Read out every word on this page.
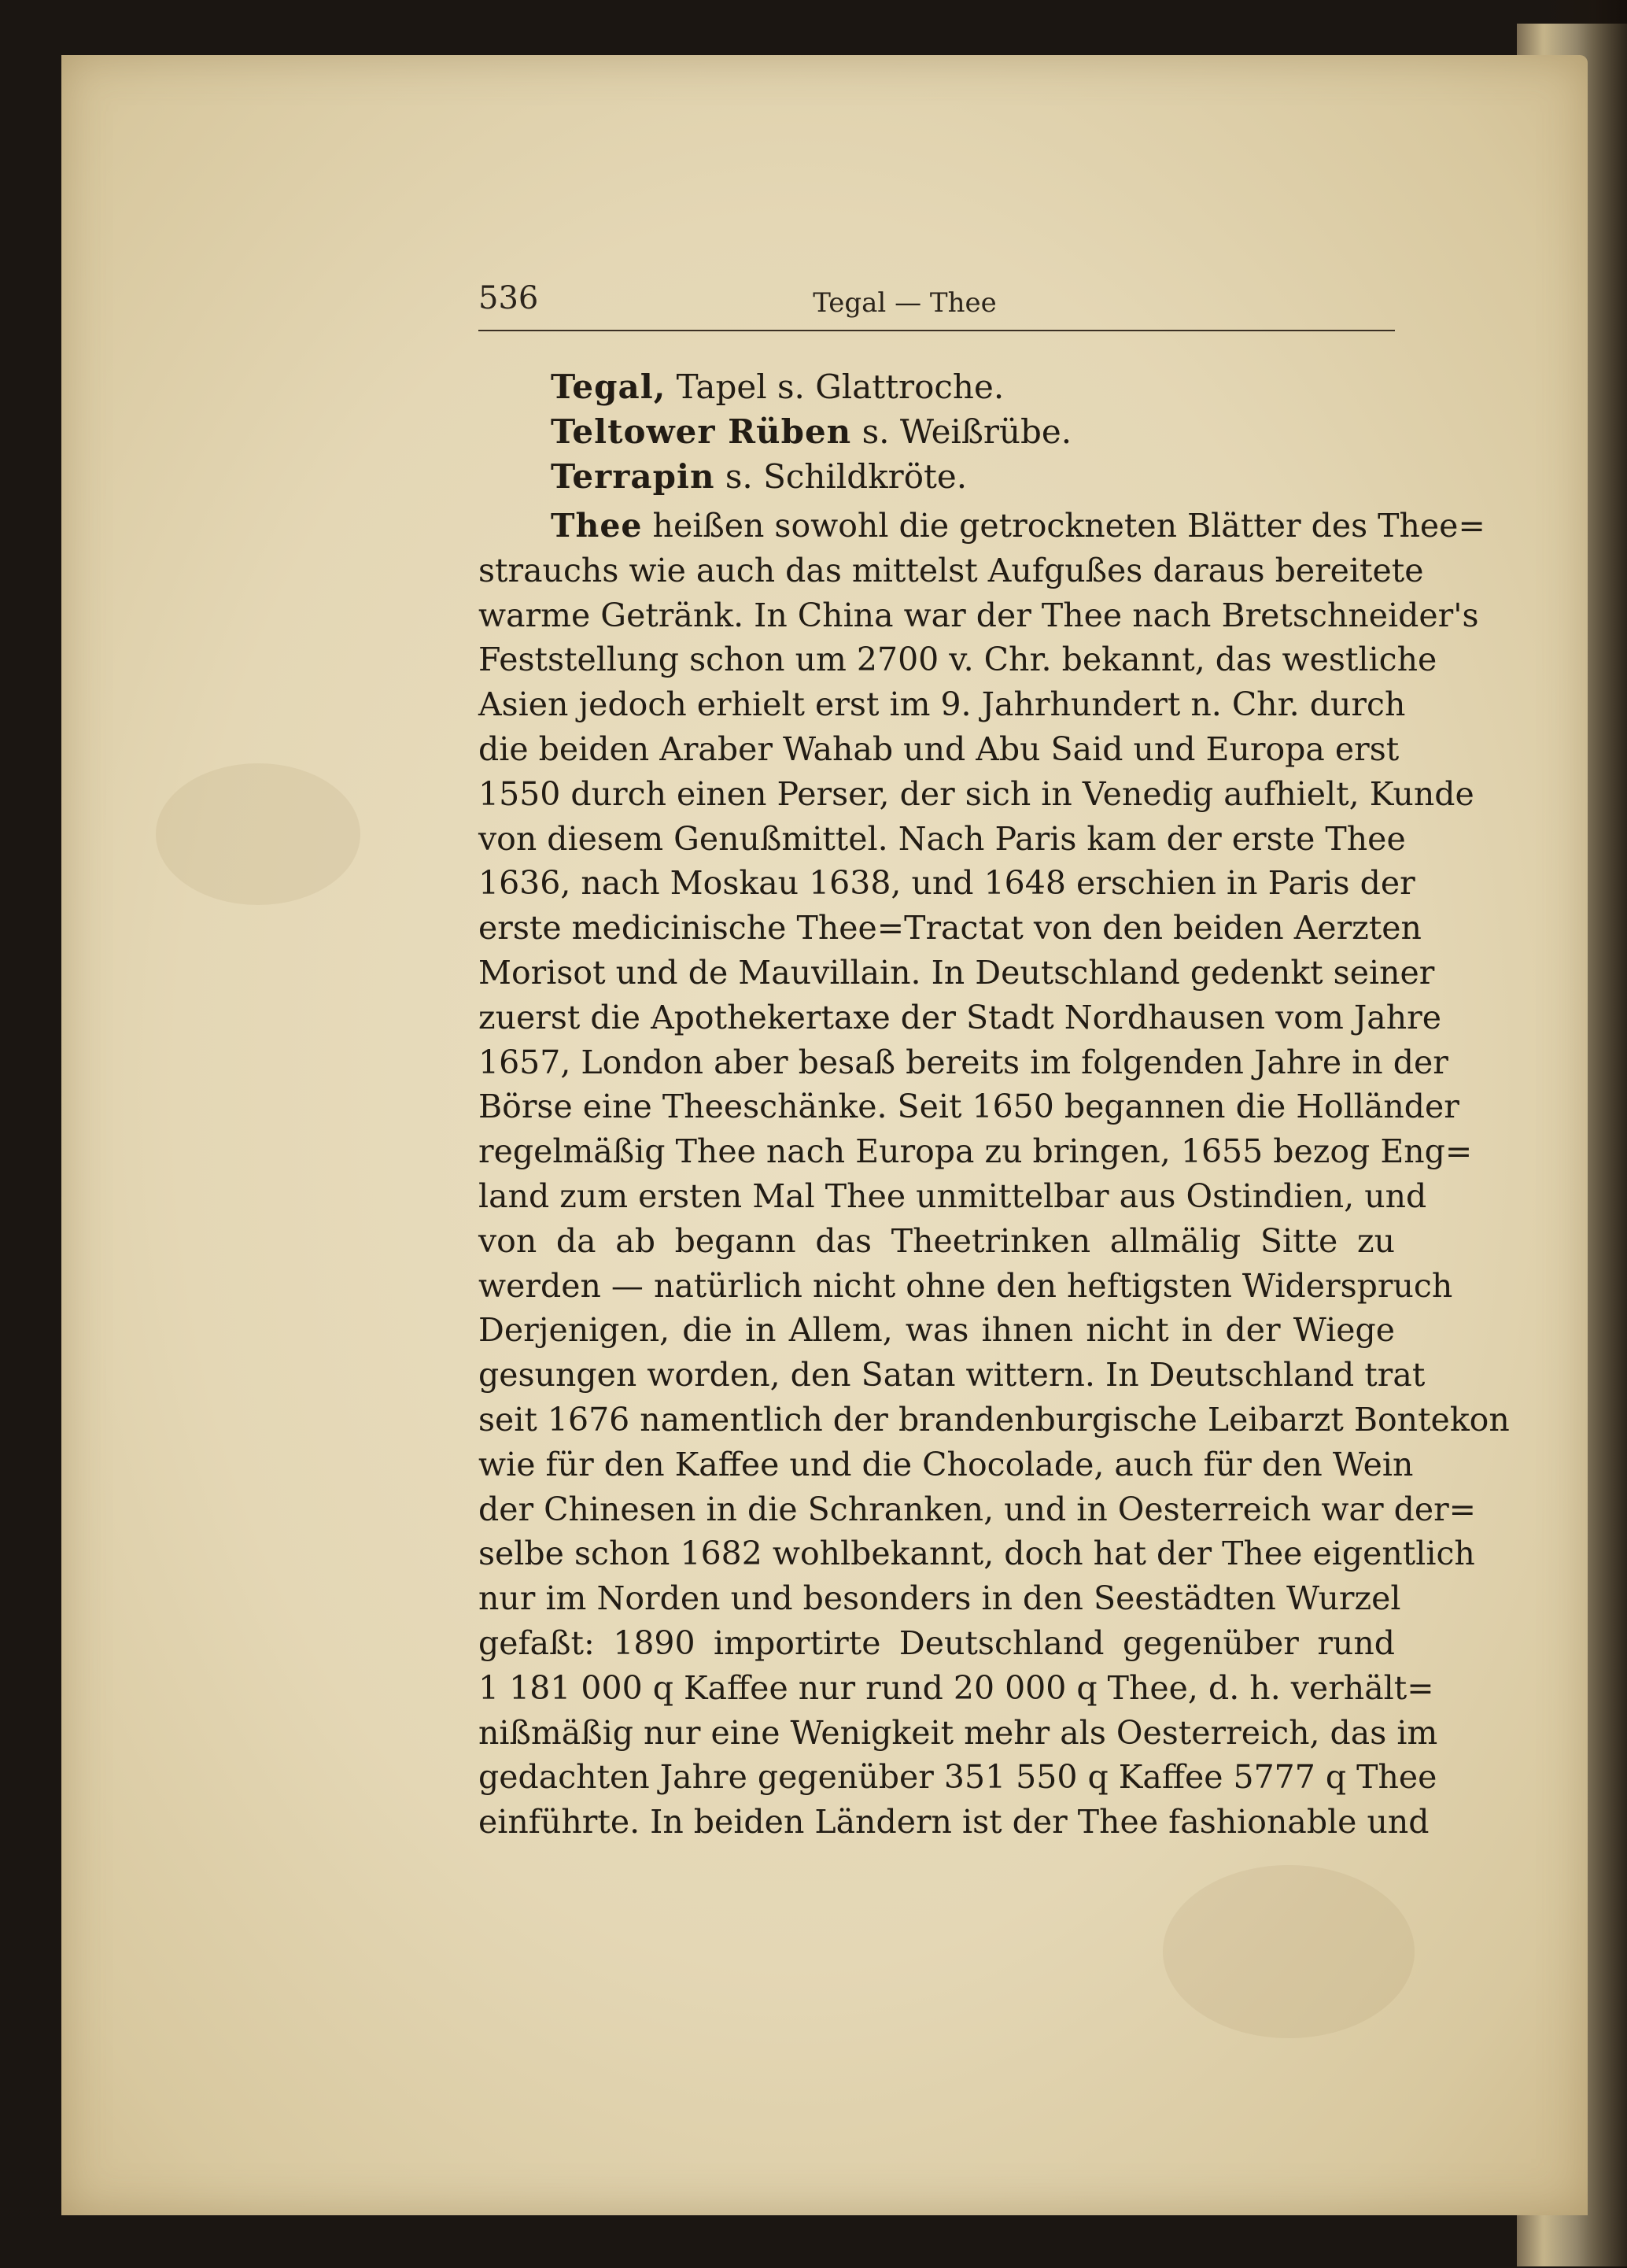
536	Tegal — Thee
Tegal, Tapel s. Glattroche.
Teltower Rüben s. Weißrübe.
Terrapin s. Schildkröte.
Thee heißen sowohl die getrockneten Blätter des Thee=
strauchs wie auch das mittelst Aufgußes daraus bereitete
warme Getränk. In China war der Thee nach Bretschneider's
Feststellung schon um 2700 v. Chr. bekannt, das westliche
Asien jedoch erhielt erst im 9. Jahrhundert n. Chr. durch
die beiden Araber Wahab und Abu Said und Europa erst
1550 durch einen Perser, der sich in Venedig aufhielt, Kunde
von diesem Genußmittel. Nach Paris kam der erste Thee
1636, nach Moskau 1638, und 1648 erschien in Paris der
erste medicinische Thee=Tractat von den beiden Aerzten
Morisot und de Mauvillain. In Deutschland gedenkt seiner
zuerst die Apothekertaxe der Stadt Nordhausen vom Jahre
1657, London aber besaß bereits im folgenden Jahre in der
Börse eine Theeschänke. Seit 1650 begannen die Holländer
regelmäßig Thee nach Europa zu bringen, 1655 bezog Eng=
land zum ersten Mal Thee unmittelbar aus Ostindien, und
von da ab begann das Theetrinken allmälig Sitte zu
werden — natürlich nicht ohne den heftigsten Widerspruch
Derjenigen, die in Allem, was ihnen nicht in der Wiege
gesungen worden, den Satan wittern. In Deutschland trat
seit 1676 namentlich der brandenburgische Leibarzt Bontekon
wie für den Kaffee und die Chocolade, auch für den Wein
der Chinesen in die Schranken, und in Oesterreich war der=
selbe schon 1682 wohlbekannt, doch hat der Thee eigentlich
nur im Norden und besonders in den Seestädten Wurzel
gefaßt: 1890 importirte Deutschland gegenüber rund
1 181 000 q Kaffee nur rund 20 000 q Thee, d. h. verhält=
nißmäßig nur eine Wenigkeit mehr als Oesterreich, das im
gedachten Jahre gegenüber 351 550 q Kaffee 5777 q Thee
einführte. In beiden Ländern ist der Thee fashionable und
